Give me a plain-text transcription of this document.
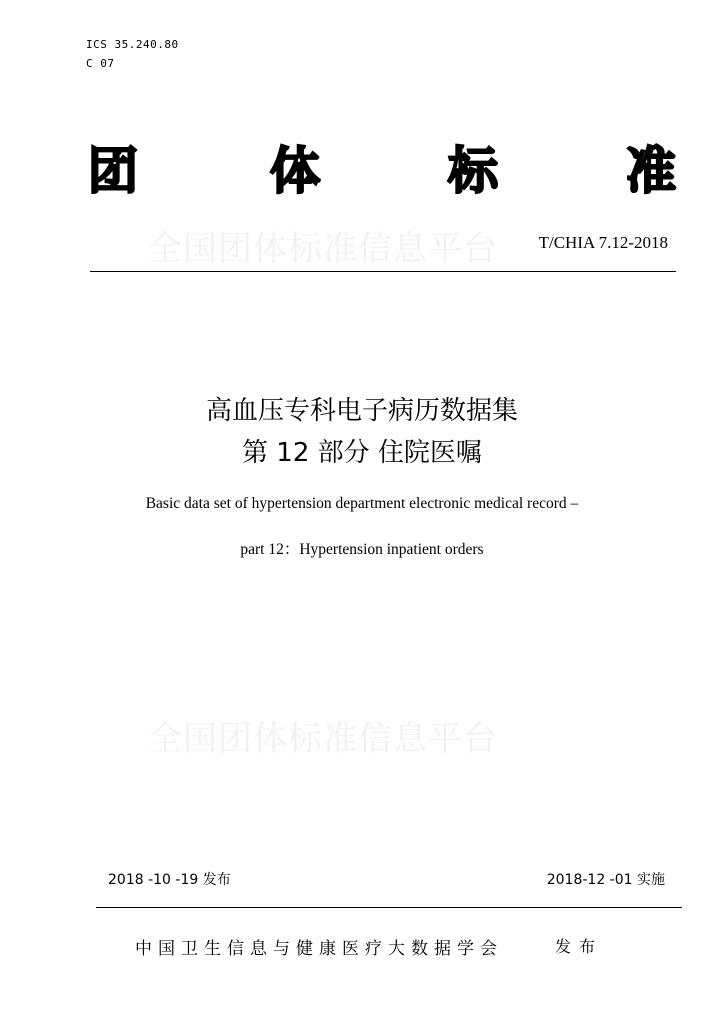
ICS 35.240.80
C 07
团	体	标	准
全国团体标准信息平台 T/CHIA 7.12-2018
高血压专科电子病历数据集
第 12 部分 住院医嘱
Basic data set of hypertension department electronic medical record –
part 12：Hypertension inpatient orders
全国团体标准信息平台
2018 -10 -19 发布	2018-12 -01 实施
中国卫生信息与健康医疗大数据学会	发布
